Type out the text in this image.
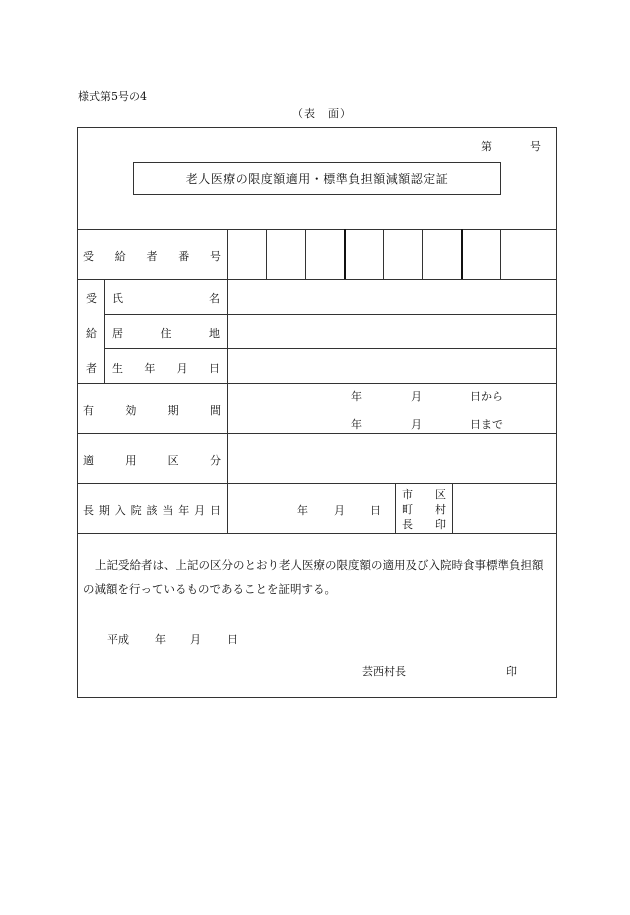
様式第5号の4
（表　面）
第	号
老人医療の限度額適用・標準負担額減額認定証
受 給 者 番 号
受
給
者
氏	名
居	住	地
生 年 月 日
有	効	期	間
年	月	日から
年	月	日まで
適	用	区	分
長 期 入 院 該 当 年 月 日	年 月 日
市 区
町 村
長 印
上記受給者は、上記の区分のとおり老人医療の限度額の適用及び入院時食事標準負担額の減額を行っているものであることを証明する。
平成 年 月 日
芸西村長	印
